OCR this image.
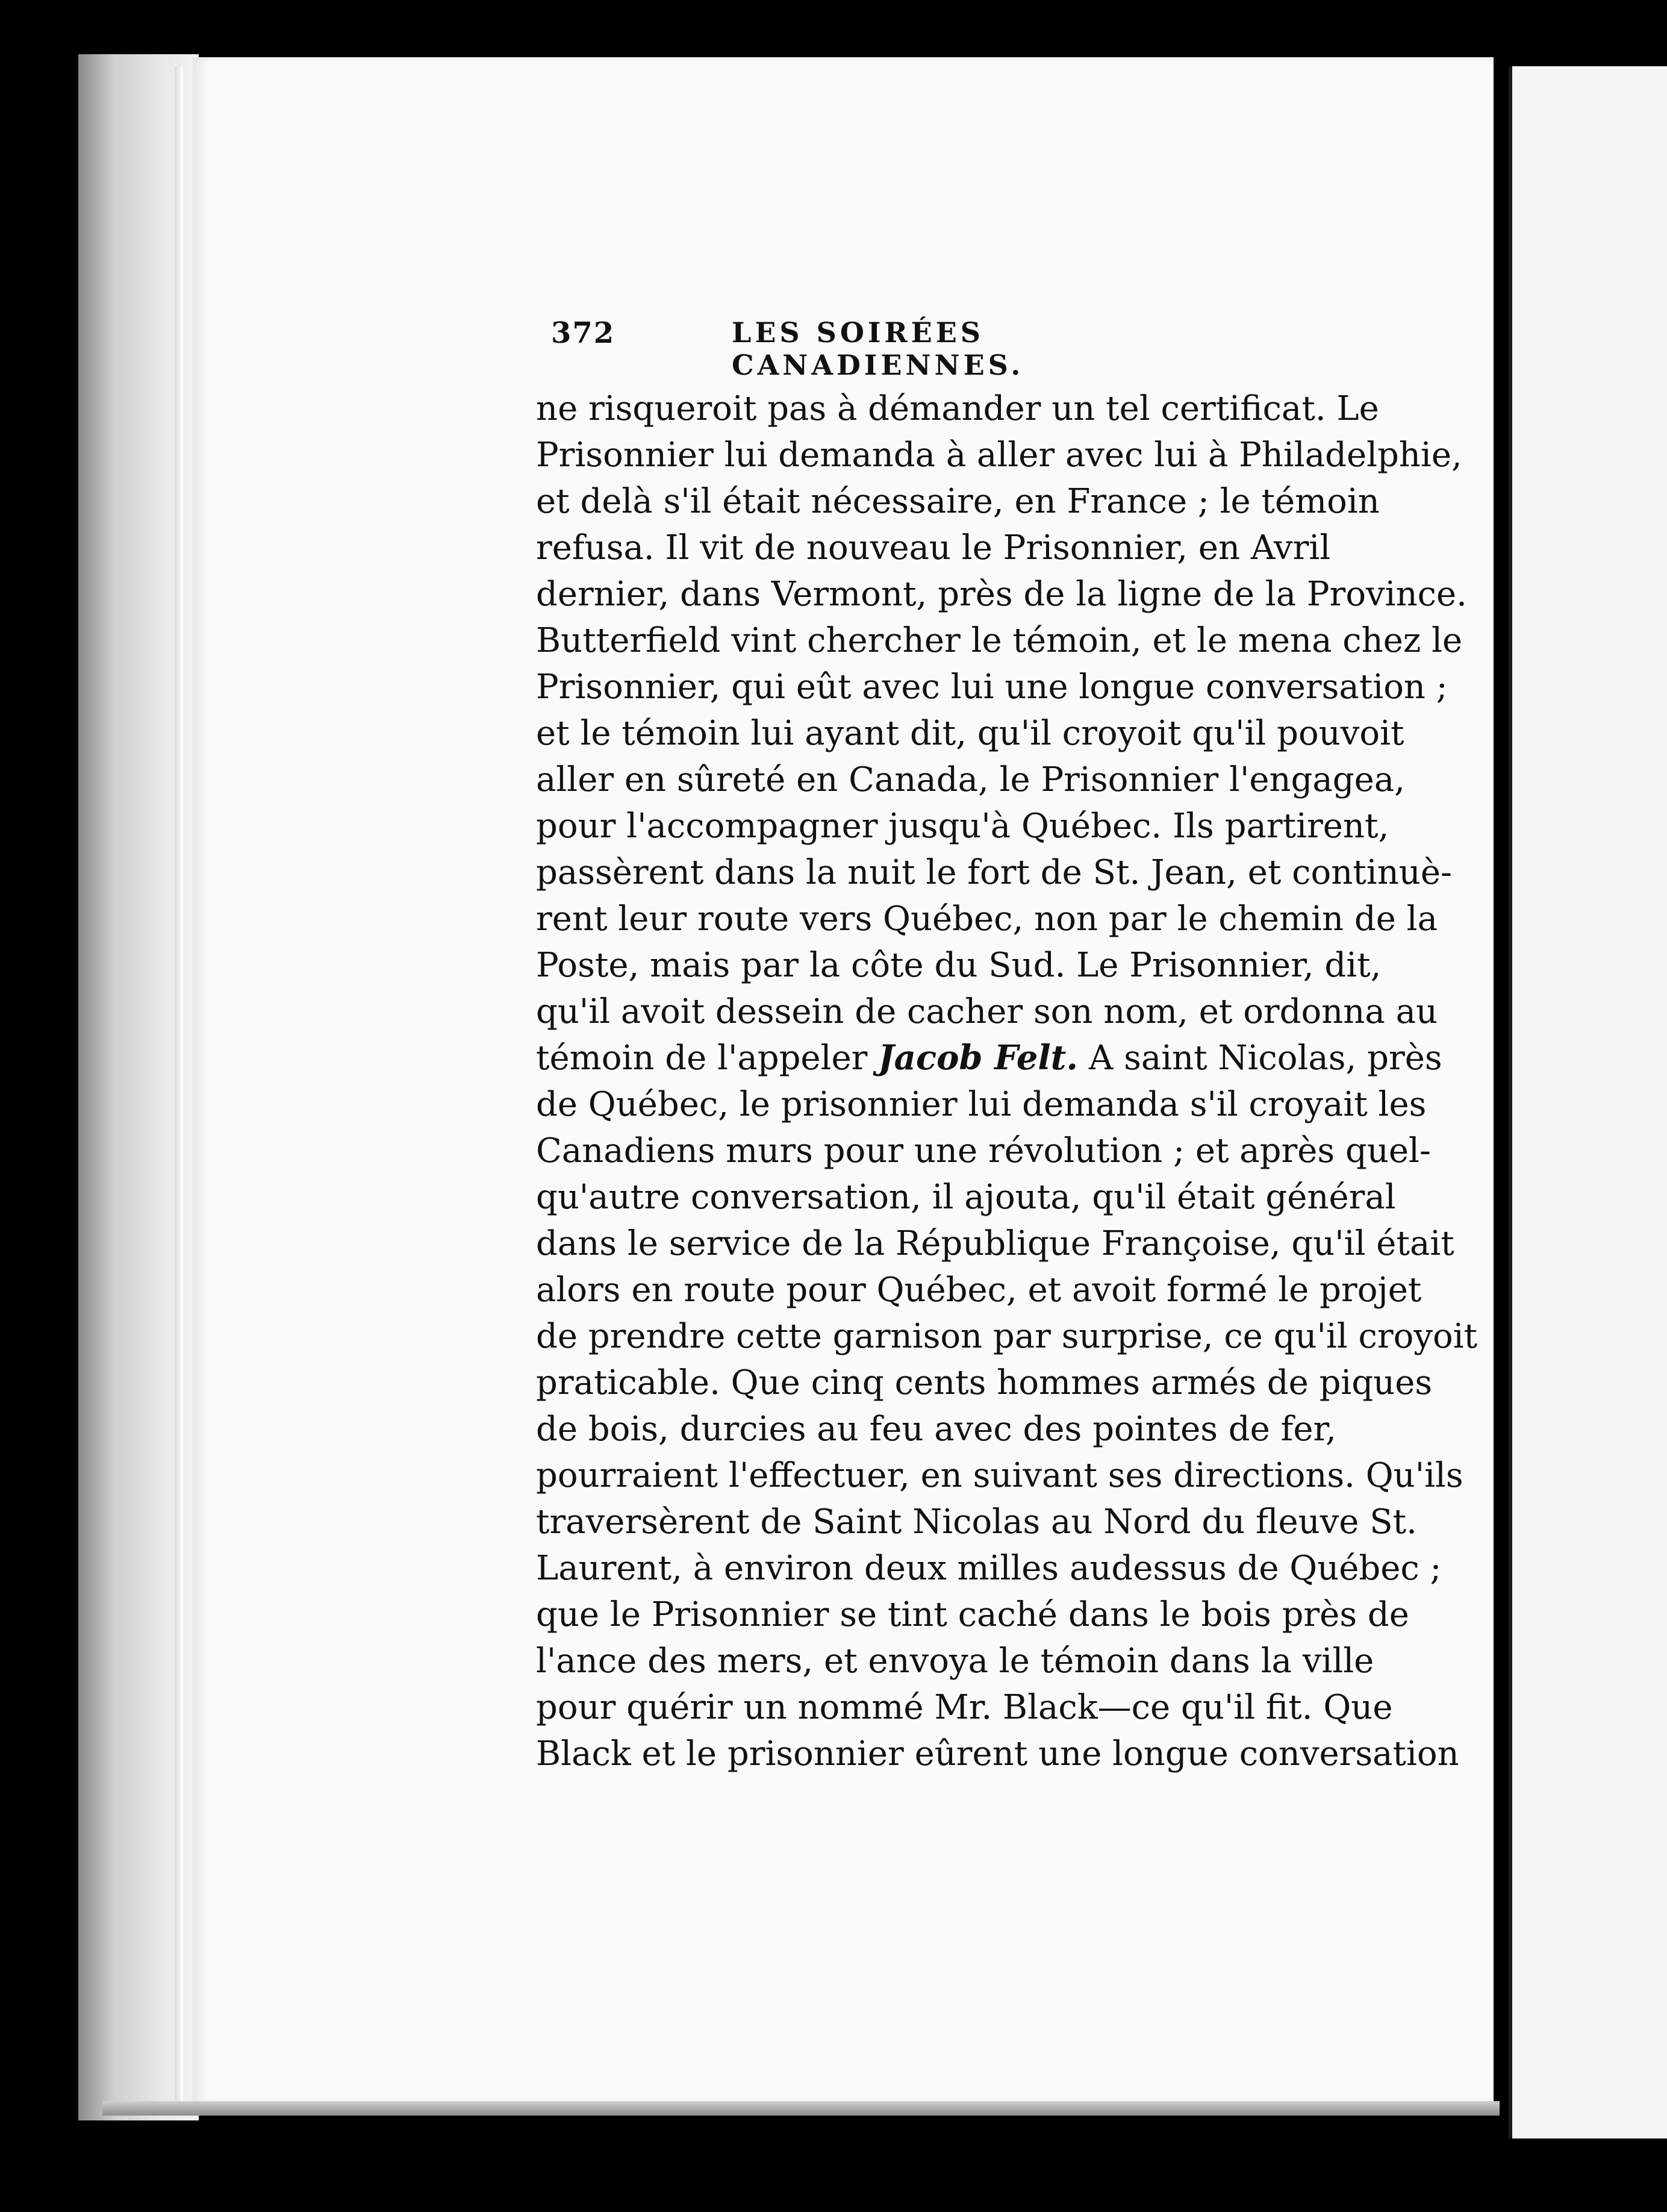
372	LES SOIRÉES CANADIENNES.
ne risqueroit pas à démander un tel certificat. Le
Prisonnier lui demanda à aller avec lui à Philadelphie,
et delà s'il était nécessaire, en France ; le témoin
refusa. Il vit de nouveau le Prisonnier, en Avril
dernier, dans Vermont, près de la ligne de la Province.
Butterfield vint chercher le témoin, et le mena chez le
Prisonnier, qui eût avec lui une longue conversation ;
et le témoin lui ayant dit, qu'il croyoit qu'il pouvoit
aller en sûreté en Canada, le Prisonnier l'engagea,
pour l'accompagner jusqu'à Québec. Ils partirent,
passèrent dans la nuit le fort de St. Jean, et continuè-
rent leur route vers Québec, non par le chemin de la
Poste, mais par la côte du Sud. Le Prisonnier, dit,
qu'il avoit dessein de cacher son nom, et ordonna au
témoin de l'appeler Jacob Felt. A saint Nicolas, près
de Québec, le prisonnier lui demanda s'il croyait les
Canadiens murs pour une révolution ; et après quel-
qu'autre conversation, il ajouta, qu'il était général
dans le service de la République Françoise, qu'il était
alors en route pour Québec, et avoit formé le projet
de prendre cette garnison par surprise, ce qu'il croyoit
praticable. Que cinq cents hommes armés de piques
de bois, durcies au feu avec des pointes de fer,
pourraient l'effectuer, en suivant ses directions. Qu'ils
traversèrent de Saint Nicolas au Nord du fleuve St.
Laurent, à environ deux milles audessus de Québec ;
que le Prisonnier se tint caché dans le bois près de
l'ance des mers, et envoya le témoin dans la ville
pour quérir un nommé Mr. Black—ce qu'il fit. Que
Black et le prisonnier eûrent une longue conversation
